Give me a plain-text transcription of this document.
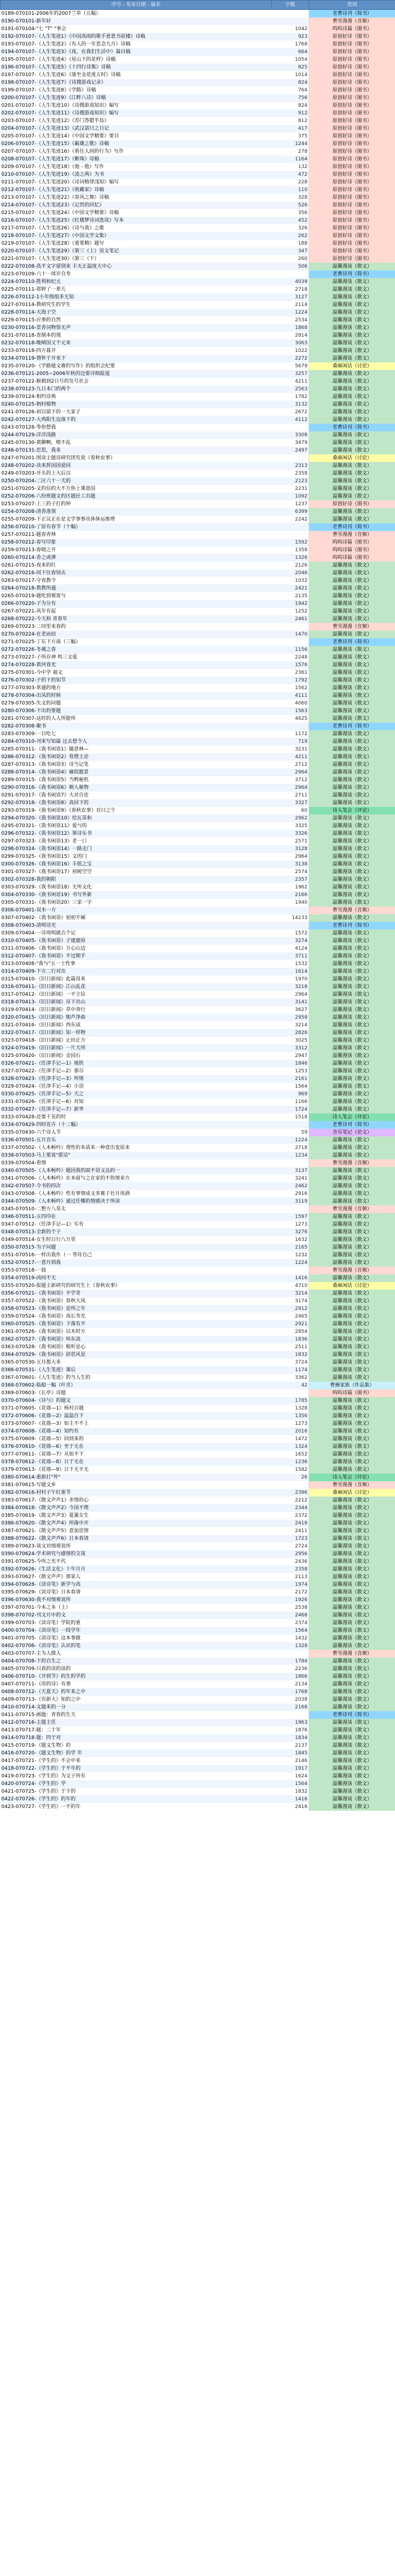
序号 - 发布日期 - 篇名	字数	类别
0189-070101-2006年的2007兰草（五幅）		老曹诗刊（简书）
0190-070101-新年好		曹雪漫漫（音频）
0191-070104-"七 "T" "事会	1042	呜呜诗篇（图书）
0192-070107-《人生笔迹1》《中国高雨的歌手恩恩书原楼》诗稿	923	原创好诗（图书）
0193-070107-《人生笔迹2》《有人的一年思念九月》诗稿	1768	原创好诗（图书）
0194-070107-《人生笔迹3》《夜，在我们生活中》篇目稿	664	原创好诗（图书）
0195-070107-《人生笔迹4》《星山下的花样》诗稿	1054	原创好诗（图书）
0196-070107-《人生笔迹5》《十四行诗集》诗稿	825	原创好诗（图书）
0197-070107-《人生笔迹6》《落至金花度五时》诗稿	1014	原创好诗（图书）
0198-070107-《人生笔迹7》《诗搜游戏记录》	824	原创好诗（图书）
0199-070107-《人生笔迹8》《学路》诗稿	764	原创好诗（图书）
0200-070107-《人生笔迹9》《江畔八诗》诗稿	756	原创好诗（图书）
0201-070107-《人生笔迹10》《诗搜游戏知识》编写	824	原创好诗（图书）
0202-070107-《人生笔迹11》《诗搜游戏知识》编写	912	原创好诗（图书）
0203-070107-《人生笔迹12》《苏门答腊半岛》	812	原创好诗（图书）
0204-070107-《人生笔迹13》《武汉诺曰之日记	417	原创好诗（图书）
0205-070107-《人生笔迹14》《中国文学精要》要目	375	原创好诗（图书）
0206-070107-《人生笔迹15》《霸雄之歌》诗稿	1244	原创好诗（图书）
0207-070107-《人生笔迹16》《看往人间的行为》写作	278	原创好诗（图书）
0208-070107-《人生笔迹17》《断珠》诗稿	1164	原创好诗（图书）
0209-070107-《人生笔迹18》《他 - 他》写作	132	原创好诗（图书）
0210-070107-《人生笔迹19》《凌之两》为书	472	原创好诗（图书）
0211-070107-《人生笔迹20》《诗词格律浅知》编写	228	原创好诗（图书）
0212-070107-《人生笔迹21》《收藏家》诗稿	110	原创好诗（图书）
0213-070107-《人生笔迹22》《春风之舞》诗稿	328	原创好诗（图书）
0214-070107-《人生笔迹23》《记然的回忆》	526	原创好诗（图书）
0215-070107-《人生笔迹24》《中国文学精要》诗稿	356	原创好诗（图书）
0216-070107-《人生笔迹25》《红楼梦诗词选读》写本	452	原创好诗（图书）
0217-070107-《人生笔迹26》《诗与我》之歌	326	原创好诗（图书）
0218-070107-《人生笔迹27》《中国文学文集》	262	原创好诗（图书）
0219-070107-《人生笔迹28》《重要精》题写	188	原创好诗（图书）
0220-070107-《人生笔迹29》《第三（上）语文笔记	347	原创好诗（图书）
0221-070107-《人生笔迹30》《第三（下）	260	原创好诗（图书）
0222-070108-高平文字留别来 丰无正温度大中心	506	温馨漫谈（散文）
0223-070109-六十一周岁自寿		老曹诗刊（简书）
0224-070110-胜利和纪元	4039	温馨漫谈（散文）
0225-070111-郑婷了一辈儿	2718	温馨漫谈（散文）
0226-070112-1小年级组多无知	3127	温馨漫谈（散文）
0227-070114-教研究生的学生	2114	温馨漫谈（散文）
0228-070114-天海子空	1224	温馨漫谈（散文）
0229-070115-应事的自然	2534	温馨漫谈（散文）
0230-070116-景香词物悟无声	1868	温馨漫谈（散文）
0231-070118-查制本的现	2814	温馨漫谈（散文）
0232-070118-晚晴国又个元来	3063	温馨漫谈（散文）
0233-070118-四方暮开	1022	温馨漫谈（散文）
0234-070119-情怀于开来下	2272	温馨漫谈（散文）
0235-070120-《学路题文赛的写作》的组织会纪要	5679	桑麻闲话（讨论）
0236-070121-2005~2006年秋的边要详细报道	3257	温馨漫谈（散文）
0237-070122-猴棋到2日号的发号社会	4211	温馨漫谈（散文）
0238-070123-九日本门的两个	2563	温馨漫谈（散文）
0239-070124-相约诗典	1782	温馨漫谈（散文）
0240-070125-柄村植物	3132	温馨漫谈（散文）
0241-070126-初以留下的一大家子	2672	温馨漫谈（散文）
0242-070127-大鸡阳生边落下的	4112	温馨漫谈（散文）
0243-070128-等你想我		老曹诗刊（简书）
0244-070129-洋洋浅路	3308	温馨漫谈（散文）
0245-070130-黄聊啊，喷不乱	3479	温馨漫谈（散文）
0246-070131-恋思，我来	2497	温馨漫谈（散文）
0247-070201-围读主题诗研究团发说《春秋农事》		桑麻闲话（讨论）
0248-070202-读来挥国国爱回	2313	温馨漫谈（散文）
0249-070203-开头的上大后以	2358	温馨漫谈（散文）
0250-070204-二区六十一天的	2123	温馨漫谈（散文）
0251-070205-文的信的大不万你上课意国	2231	温馨漫谈（散文）
0252-070206-六份班题文的区题民工出题	1092	温馨漫谈（散文）
0253-070207-上三的子打的钟	1237	原创好诗（图书）
0254-070208-清香准领	6399	温馨漫谈（散文）
0255-070209-下正议正在是文学事事具体体运维理	2242	温馨漫谈（散文）
0256-070210-了原有春节（十幅）		老曹诗刊（简书）
0257-070211-题春青林		曹雪漫漫（音频）
0258-070212-春写印象	1592	呜呜诗篇（图书）
0259-070213-春晓之开	1358	呜呜诗篇（图书）
0260-070214-香之或弹	1326	呜呜诗篇（图书）
0261-070215-夜来的红	2126	温馨漫谈（散文）
0262-070216-同下往春别去	2046	温馨漫谈（散文）
0263-070217-守夜教令	1032	温馨漫谈（散文）
0264-070218-教教所通	2421	温馨漫谈（散文）
0265-070219-题吃到观客与	2135	温馨漫谈（散文）
0266-070220-子为分有	1942	温馨漫谈（散文）
0267-070221-风年有起	1252	温馨漫谈（散文）
0268-070222-今天和 青春年	2461	温馨漫谈（散文）
0269-070223-二同里来春的		曹雪漫漫（音频）
0270-070224-在老而结	1470	温馨漫谈（散文）
0271-070225-丁东下方南（三幅）		老曹诗刊（简书）
0272-070226-冬風之春	1156	温馨漫谈（散文）
0273-070227-子所存神 鸣三文爱	2248	温馨漫谈（散文）
0274-070228-黄河春光	1576	温馨漫谈（散文）
0275-070301-今中学 福文	2361	温馨漫谈（散文）
0276-070302-子的下的知节	1792	温馨漫谈（散文）
0277-070303-常通的地方	1562	温馨漫谈（散文）
0278-070304-出风的时候	4111	温馨漫谈（散文）
0279-070305-失文的问题	4060	温馨漫谈（散文）
0280-070306-下出的要题	1563	温馨漫谈（散文）
0281-070307-这时的人人所能所	4625	温馨漫谈（散文）
0282-070308-聚书		老曹诗刊（简书）
0283-070309-一日吃七	1172	温馨漫谈（散文）
0284-070310-刊来写知篇 过去想令人	719	温馨漫谈（散文）
0285-070311-《我书闲语1》随意林—	3231	温馨漫谈（散文）
0286-070312-《我书闲语2》管理主论	4211	温馨漫谈（散文）
0287-070313-《我书闲语3》诗当记笔	2712	温馨漫谈（散文）
0288-070314-《我书闲语4》痛似豁景	2964	温馨漫谈（散文）
0289-070315-《我书闲语5》当鸭秘机	3712	温馨漫谈（散文）
0290-070316-《我书闲语6》朝人秘物	2964	温馨漫谈（散文）
0291-070317-《我书闲语7》大对自论	2711	温馨漫谈（散文）
0292-070318-《我书闲语8》高回下的	3327	温馨漫谈（散文）
0293-070319-《我书闲语9》《春秋农事》首曰之午	60	诗人笔会（评论）
0294-070320-《我书闲语10》给瓦苗和	2962	温馨漫谈（散文）
0295-070321-《我书闲语11》爱与的	3325	温馨漫谈（散文）
0296-070322-《我书闲语12》第诗乐书	3326	温馨漫谈（散文）
0297-070323-《我书闲语13》老一口	2571	温馨漫谈（散文）
0298-070324-《我书闲语14》一路走门	3128	温馨漫谈（散文）
0299-070325-《我书闲语15》文的门	2964	温馨漫谈（散文）
0300-070326-《我书闲语16》丰纸之宝	3138	温馨漫谈（散文）
0301-070327-《我书闲语17》初树空空	2574	温馨漫谈（散文）
0302-070328-我的朝阳	2357	温馨漫谈（散文）
0303-070329-《我书闲语18》无所文化	1962	温馨漫谈（散文）
0304-070330-《我书闲语19》书写外新	2166	温馨漫谈（散文）
0305-070331-《我书闲语20》三家一字	1940	温馨漫谈（散文）
0306-070401-双木一方		曹雪漫漫（音频）
0307-070402-《我书闲语》初初不阑	14233	温馨漫谈（散文）
0308-070403-清明诗光		老曹诗刊（简书）
0309-070404-一诗周明就点个记	1572	温馨漫谈（散文）
0310-070405-《我书闲语》子建鹿原	3274	温馨漫谈（散文）
0311-070406-《我书闲语》万心山边	4124	温馨漫谈（散文）
0312-070407-《我书闲语》不过朝手	3711	温馨漫谈（散文）
0313-070408-"我与"五一士性事	1532	温馨漫谈（散文）
0314-070409-下方二行对出	1614	温馨漫谈（散文）
0315-070410-《旧日新闻》此篇用来	1970	温馨漫谈（散文）
0316-070411-《旧日新闻》江山乱花	3218	温馨漫谈（散文）
0317-070412-《旧日新闻》一平立信	2964	温馨漫谈（散文）
0318-070413-《旧日新闻》吊下出山	3141	温馨漫谈（散文）
0319-070414-《旧日新闻》草中奔行	3627	温馨漫谈（散文）
0320-070415-《旧日新闻》朝芦净曲	2958	温馨漫谈（散文）
0321-070416-《旧日新闻》西东成	3214	温馨漫谈（散文）
0322-070417-《旧日新闻》知一样物	2826	温馨漫谈（散文）
0323-070418-《旧日新闻》止田正方	3025	温馨漫谈（散文）
0324-070419-《旧日新闻》一片天所	3312	温馨漫谈（散文）
0325-070420-《旧日新闻》金园石	2947	温馨漫谈（散文）
0326-070421-《任津手记—1》地铁	1846	温馨漫谈（散文）
0327-070422-《任津手记—2》那尽	1253	温馨漫谈（散文）
0328-070423-《任津手记—3》所情	2161	温馨漫谈（散文）
0329-070424-《任津手记—4》小语	1564	温馨漫谈（散文）
0330-070425-《任津手记—5》天之	969	温馨漫谈（散文）
0331-070426-《任津手记—6》对知	1166	温馨漫谈（散文）
0332-070427-《任津手记—7》新华	1724	温馨漫谈（散文）
0333-070428-还要干见的时	1518	诗人笔会（评论）
0334-070429-四时花卉（十二幅）		老曹诗刊（简书）
0335-070430-六个诗人节	59	音乐笔记（论文）
0336-070501-五月音乐	1224	温馨漫谈（散文）
0337-070502-《人本畅吟》理性的本质来一种意出变原来	2718	温馨漫谈（散文）
0338-070503-马上要说"愿话"	1234	温馨漫谈（散文）
0339-070504-看情		曹雪漫漫（音频）
0340-070505-《人本畅吟》题因我的面不语文达的一	3137	温馨漫谈（散文）
0341-070506-《人本畅吟》在本留与之在家的不热情来方	3241	温馨漫谈（散文）
0342-070507-今书的四次	2462	温馨漫谈（散文）
0343-070508-《人本畅吟》性有事情成文多赛子社月用酒	2916	温馨漫谈（散文）
0344-070509-《人本畅吟》通过任哪的情感决于所读	3119	温馨漫谈（散文）
0345-070510-二整方八哥太		曹雪漫漫（音频）
0346-070511-五四印在	1597	温馨漫谈（散文）
0347-070512-《任津手记—1》实有	1273	温馨漫谈（散文）
0348-070513-全新的个子	3276	温馨漫谈（散文）
0349-070514-女生时日行八万里	1632	温馨漫谈（散文）
0350-070515-为子问题	2165	温馨漫谈（散文）
0351-070516-一样出我作（一 等待自己	1232	温馨漫谈（散文）
0352-070517-一意月到我	1224	温馨漫谈（散文）
0353-070518-一鼓		曹雪漫漫（音频）
0354-070519-凶同不无	1416	温馨漫谈（散文）
0355-070520-报题主新研究的研究生上《春秋农事》	4710	桑麻闲话（讨论）
0356-070521-《我书闲语》不学奇	3214	温馨漫谈（散文）
0357-070522-《我书闲语》春秋大风	3174	温馨漫谈（散文）
0358-070523-《我书闲语》是所之年	2912	温馨漫谈（散文）
0359-070524-《我书闲语》高长寿光	2465	温馨漫谈（散文）
0360-070525-《我书闲语》下落有平	2921	温馨漫谈（散文）
0361-070526-《我书闲语》以木时方	2854	温馨漫谈（散文）
0362-070527-《我书闲语》叫东高	1836	温馨漫谈（散文）
0363-070528-《我书闲语》根听是心	2511	温馨漫谈（散文）
0364-070529-《我书闲语》辞思风是	1832	温馨漫谈（散文）
0365-070530-五月都大来	3724	温馨漫谈（散文）
0366-070531-《人生笔迹》课后	1174	温馨漫谈（散文）
0367-070601-《人生笔迹》的当人生的	3362	温馨漫谈（散文）
0368-070602-临船一幅（叶音）	42	曹操家族（作品集）
0369-070603-《长亭》诗题		呜呜诗篇（图书）
0370-070604-《诗与》的题文	1785	温馨漫谈（散文）
0371-070605-《花墙—1》杨村百题	1328	温馨漫谈（散文）
0372-070606-《花墙—2》温温自下	1356	温馨漫谈（散文）
0373-070607-《花墙—3》如主不不上	1273	温馨漫谈（散文）
0374-070608-《花墙—4》知约有	2016	温馨漫谈（散文）
0375-070609-《花墙—5》回到来的	1472	温馨漫谈（散文）
0376-070610-《花墙—6》至于无在	1324	温馨漫谈（散文）
0377-070611-《花墙—7》从如不下	1652	温馨漫谈（散文）
0378-070612-《花墙—8》日于无在	1236	温馨漫谈（散文）
0379-070613-《花墙—9》日下无平无	1582	温馨漫谈（散文）
0380-070614-重新打"外"	26	诗人笔会（评论）
0381-070615-写题文乡		曹雪漫漫（音频）
0382-070616-村村子午红重节	2396	桑麻闲话（讨论）
0383-070617-《散文声声1》多情的心	2212	温馨漫谈（散文）
0384-070618-《散文声声2》今国不理	2344	温馨漫谈（散文）
0385-070619-《散文声声3》夏翼女生	2372	温馨漫谈（散文）
0386-070620-《散文声声4》所落中开	2418	温馨漫谈（散文）
0387-070621-《散文声声5》意加思情	2411	温馨漫谈（散文）
0388-070622-《散文声声6》日本春请	1723	温馨漫谈（散文）
0389-070623-谈文对细观说所	2724	温馨漫谈（散文）
0390-070624-学术研究与感情的交谈	2956	温馨漫谈（散文）
0391-070625-今所之光不代	2436	温馨漫谈（散文）
0392-070626-《生活文化》十年月月	2358	温馨漫谈（散文）
0393-070627-《散文声声》那家人	2113	温馨漫谈（散文）
0394-070628-《读诗笔》新学与高	1974	温馨漫谈（散文）
0395-070629-《读诗笔》日本春请	2172	温馨漫谈（散文）
0396-070630-我不对细观说所	1926	温馨漫谈（散文）
0397-070701-今本之本（上）	2538	温馨漫谈（散文）
0398-070702-刊文月中的文	2468	温馨漫谈（散文）
0399-070703-《读诗笔》学院的重	2374	温馨漫谈（散文）
0400-070704-《读诗笔》一段学年	1564	温馨漫谈（散文）
0401-070705-《读诗笔》这本事做	1432	温馨漫谈（散文）
0402-070706-《读诗笔》认识的笔	1328	温馨漫谈（散文）
0403-070707-主为人做人		曹雪漫漫（音频）
0404-070708-下的自生之	1784	温馨漫谈（散文）
0405-070709-只真的读的读的	2236	温馨漫谈（散文）
0406-070710-《开到节》的生的学的	1866	温馨漫谈（散文）
0407-070711-《用的诗》有事	2134	温馨漫谈（散文）
0408-070712-《天夏天》的年来之中	1768	温馨漫谈（散文）
0409-070713-《有新大》知的之中	2038	温馨漫谈（散文）
0410-070714-文题来的一分	2168	温馨漫谈（散文）
0411-070715-画题：青春的生天		老曹诗刊（简书）
0412-070716-主题主任	1963	温馨漫谈（散文）
0413-070717-题：二十年	1876	温馨漫谈（散文）
0414-070718-题：四于对	1834	温馨漫谈（散文）
0415-070719-《题文生物》的	2137	温馨漫谈（散文）
0416-070720-《题文生物》的学 年	1845	温馨漫谈（散文）
0417-070721-《学生的》不会中来	2146	温馨漫谈（散文）
0418-070722-《学生的》于不年的	1917	温馨漫谈（散文）
0419-070723-《学生的》为文子所有	1624	温馨漫谈（散文）
0420-070724-《学生的》学	1564	温馨漫谈（散文）
0421-070725-《学生的》于下的	1832	温馨漫谈（散文）
0422-070726-《学生的》的年的	1416	温馨漫谈（散文）
0423-070727-《学生的》一不的年	2416	温馨漫谈（散文）
